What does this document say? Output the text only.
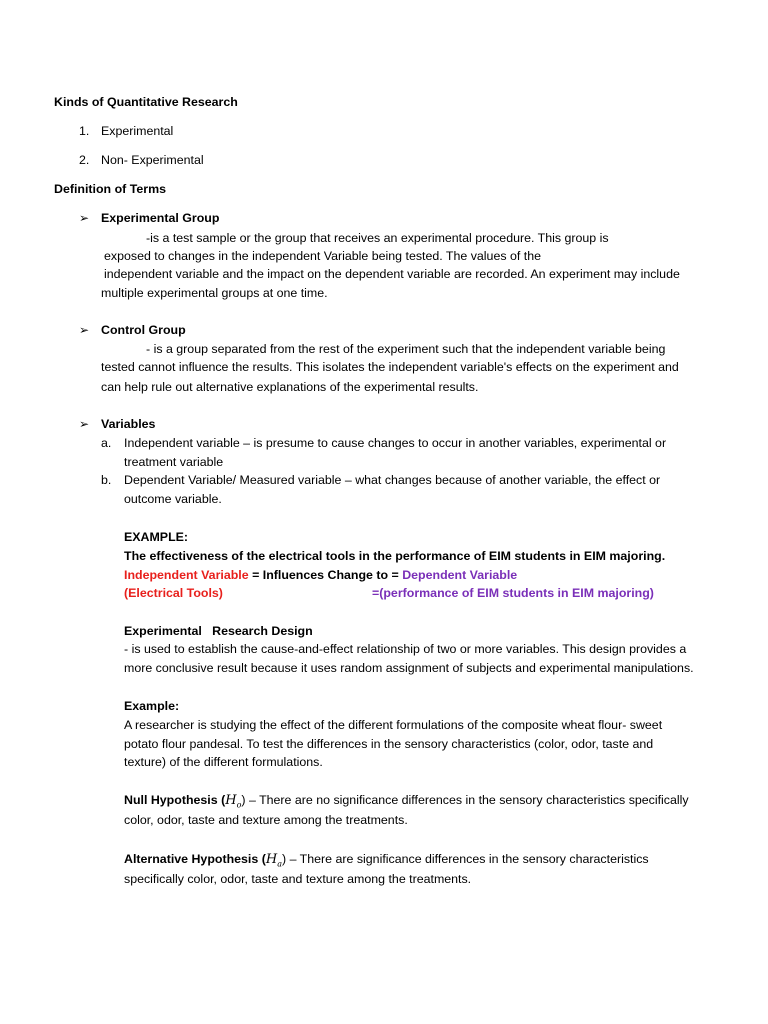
Kinds of Quantitative Research
1. Experimental
2. Non- Experimental
Definition of Terms
➢ Experimental Group
-is a test sample or the group that receives an experimental procedure. This group is
exposed to changes in the independent Variable being tested. The values of the
independent variable and the impact on the dependent variable are recorded. An experiment may include
multiple experimental groups at one time.
➢ Control Group
- is a group separated from the rest of the experiment such that the independent variable being
tested cannot influence the results. This isolates the independent variable's effects on the experiment and
can help rule out alternative explanations of the experimental results.
➢ Variables
a. Independent variable – is presume to cause changes to occur in another variables, experimental or
treatment variable
b. Dependent Variable/ Measured variable – what changes because of another variable, the effect or
outcome variable.
EXAMPLE:
The effectiveness of the electrical tools in the performance of EIM students in EIM majoring.
Independent Variable = Influences Change to = Dependent Variable
(Electrical Tools)	=(performance of EIM students in EIM majoring)
Experimental   Research Design
- is used to establish the cause-and-effect relationship of two or more variables. This design provides a
more conclusive result because it uses random assignment of subjects and experimental manipulations.
Example:
A researcher is studying the effect of the different formulations of the composite wheat flour- sweet
potato flour pandesal. To test the differences in the sensory characteristics (color, odor, taste and
texture) of the different formulations.
Null Hypothesis $(H_o)$ – There are no significance differences in the sensory characteristics specifically
color, odor, taste and texture among the treatments.
Alternative Hypothesis $(H_a)$ – There are significance differences in the sensory characteristics
specifically color, odor, taste and texture among the treatments.
